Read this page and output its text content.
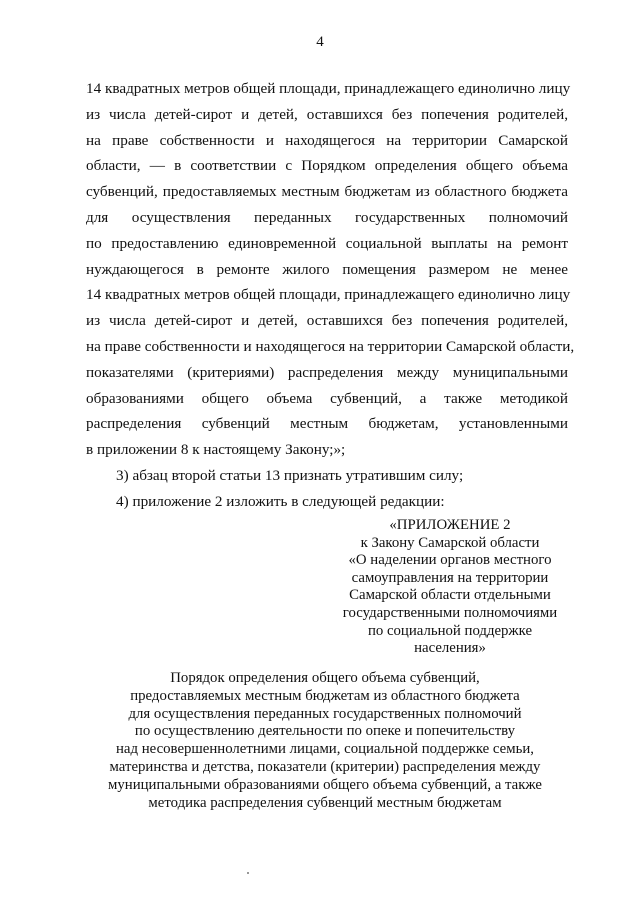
4
14 квадратных метров общей площади, принадлежащего единолично лицу
из числа детей-сирот и детей, оставшихся без попечения родителей,
на праве собственности и находящегося на территории Самарской
области, — в соответствии с Порядком определения общего объема
субвенций, предоставляемых местным бюджетам из областного бюджета
для осуществления переданных государственных полномочий
по предоставлению единовременной социальной выплаты на ремонт
нуждающегося в ремонте жилого помещения размером не менее
14 квадратных метров общей площади, принадлежащего единолично лицу
из числа детей-сирот и детей, оставшихся без попечения родителей,
на праве собственности и находящегося на территории Самарской области,
показателями (критериями) распределения между муниципальными
образованиями общего объема субвенций, а также методикой
распределения субвенций местным бюджетам, установленными
в приложении 8 к настоящему Закону;»;
3) абзац второй статьи 13 признать утратившим силу;
4) приложение 2 изложить в следующей редакции:
«ПРИЛОЖЕНИЕ 2
к Закону Самарской области
«О наделении органов местного
самоуправления на территории
Самарской области отдельными
государственными полномочиями
по социальной поддержке
населения»
Порядок определения общего объема субвенций,
предоставляемых местным бюджетам из областного бюджета
для осуществления переданных государственных полномочий
по осуществлению деятельности по опеке и попечительству
над несовершеннолетними лицами, социальной поддержке семьи,
материнства и детства, показатели (критерии) распределения между
муниципальными образованиями общего объема субвенций, а также
методика распределения субвенций местным бюджетам
